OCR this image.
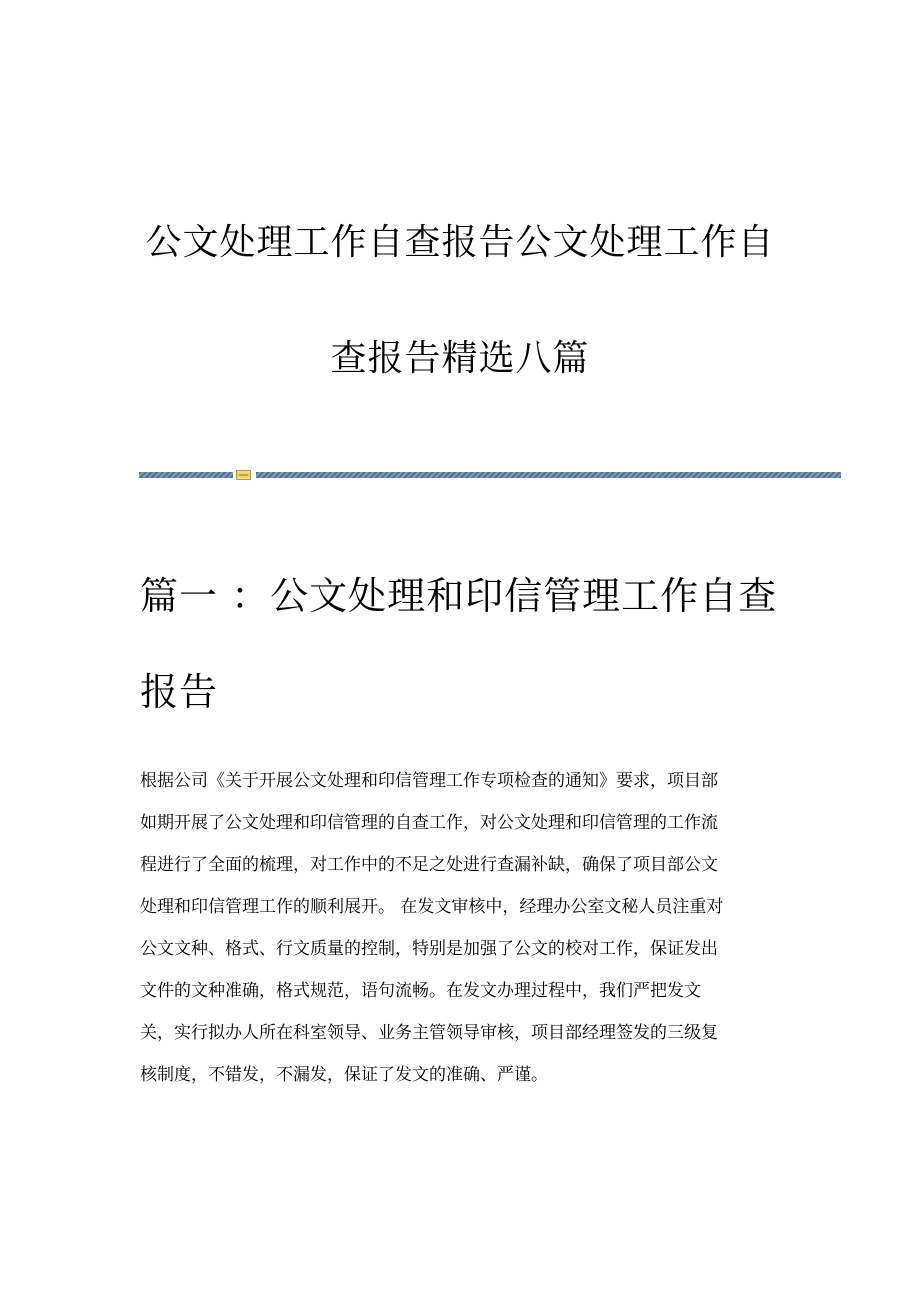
公文处理工作自查报告公文处理工作自
查报告精选八篇
篇一 ：公文处理和印信管理工作自查
报告
根据公司《关于开展公文处理和印信管理工作专项检查的通知》要求，项目部
如期开展了公文处理和印信管理的自查工作，对公文处理和印信管理的工作流
程进行了全面的梳理，对工作中的不足之处进行查漏补缺，确保了项目部公文
处理和印信管理工作的顺利展开。 在发文审核中，经理办公室文秘人员注重对
公文文种、格式、行文质量的控制，特别是加强了公文的校对工作，保证发出
文件的文种准确，格式规范，语句流畅。在发文办理过程中，我们严把发文
关，实行拟办人所在科室领导、业务主管领导审核，项目部经理签发的三级复
核制度，不错发，不漏发，保证了发文的准确、严谨。
